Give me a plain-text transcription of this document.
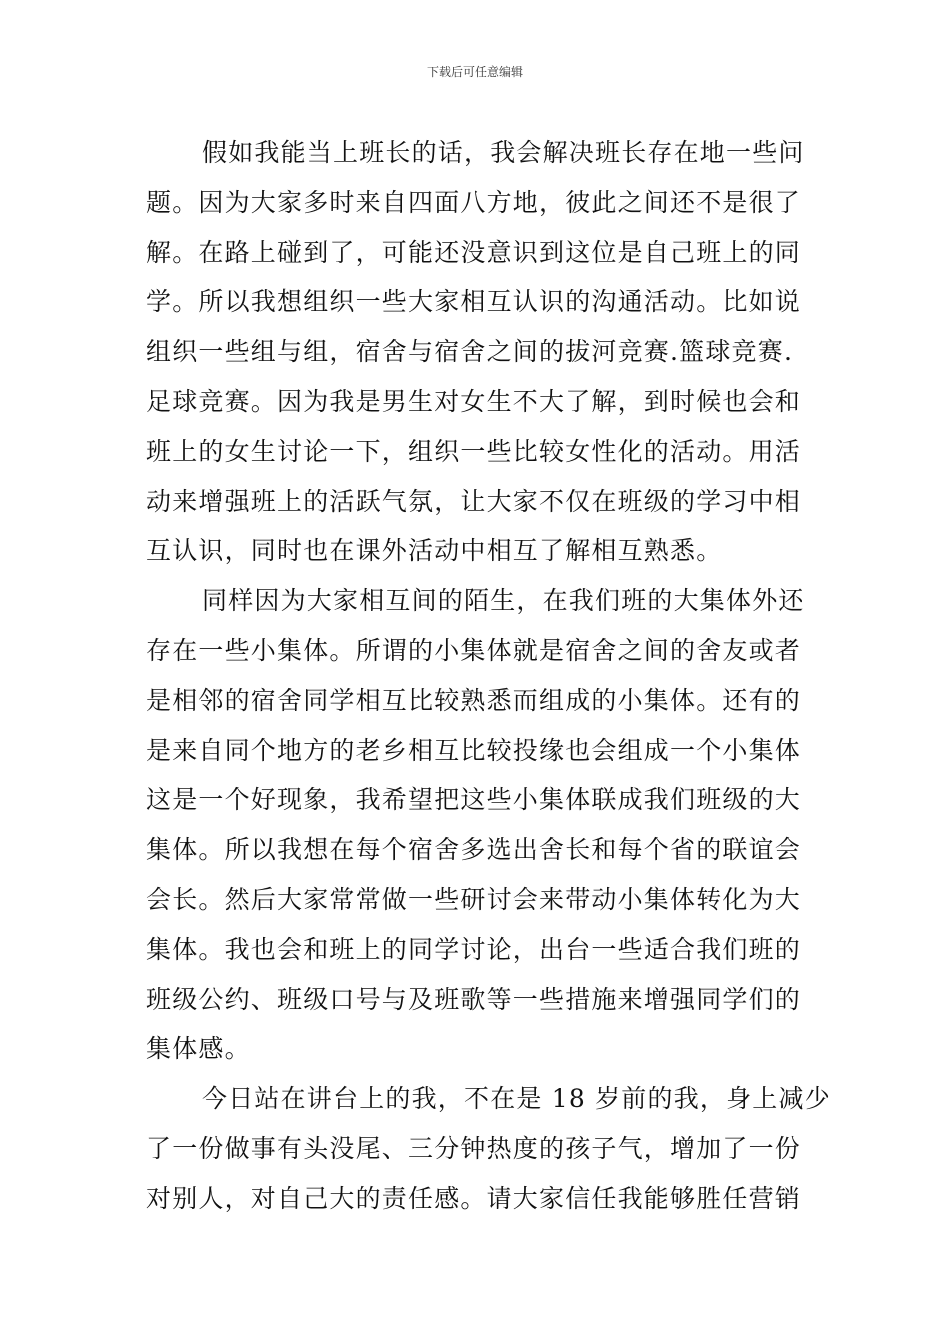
下载后可任意编辑

假如我能当上班长的话，我会解决班长存在地一些问
题。因为大家多时来自四面八方地，彼此之间还不是很了
解。在路上碰到了，可能还没意识到这位是自己班上的同
学。所以我想组织一些大家相互认识的沟通活动。比如说
组织一些组与组，宿舍与宿舍之间的拔河竞赛.篮球竞赛.
足球竞赛。因为我是男生对女生不大了解，到时候也会和
班上的女生讨论一下，组织一些比较女性化的活动。用活
动来增强班上的活跃气氛，让大家不仅在班级的学习中相
互认识，同时也在课外活动中相互了解相互熟悉。

同样因为大家相互间的陌生，在我们班的大集体外还
存在一些小集体。所谓的小集体就是宿舍之间的舍友或者
是相邻的宿舍同学相互比较熟悉而组成的小集体。还有的
是来自同个地方的老乡相互比较投缘也会组成一个小集体
这是一个好现象，我希望把这些小集体联成我们班级的大
集体。所以我想在每个宿舍多选出舍长和每个省的联谊会
会长。然后大家常常做一些研讨会来带动小集体转化为大
集体。我也会和班上的同学讨论，出台一些适合我们班的
班级公约、班级口号与及班歌等一些措施来增强同学们的
集体感。

今日站在讲台上的我，不在是 18 岁前的我，身上减少
了一份做事有头没尾、三分钟热度的孩子气，增加了一份
对别人，对自己大的责任感。请大家信任我能够胜任营销
